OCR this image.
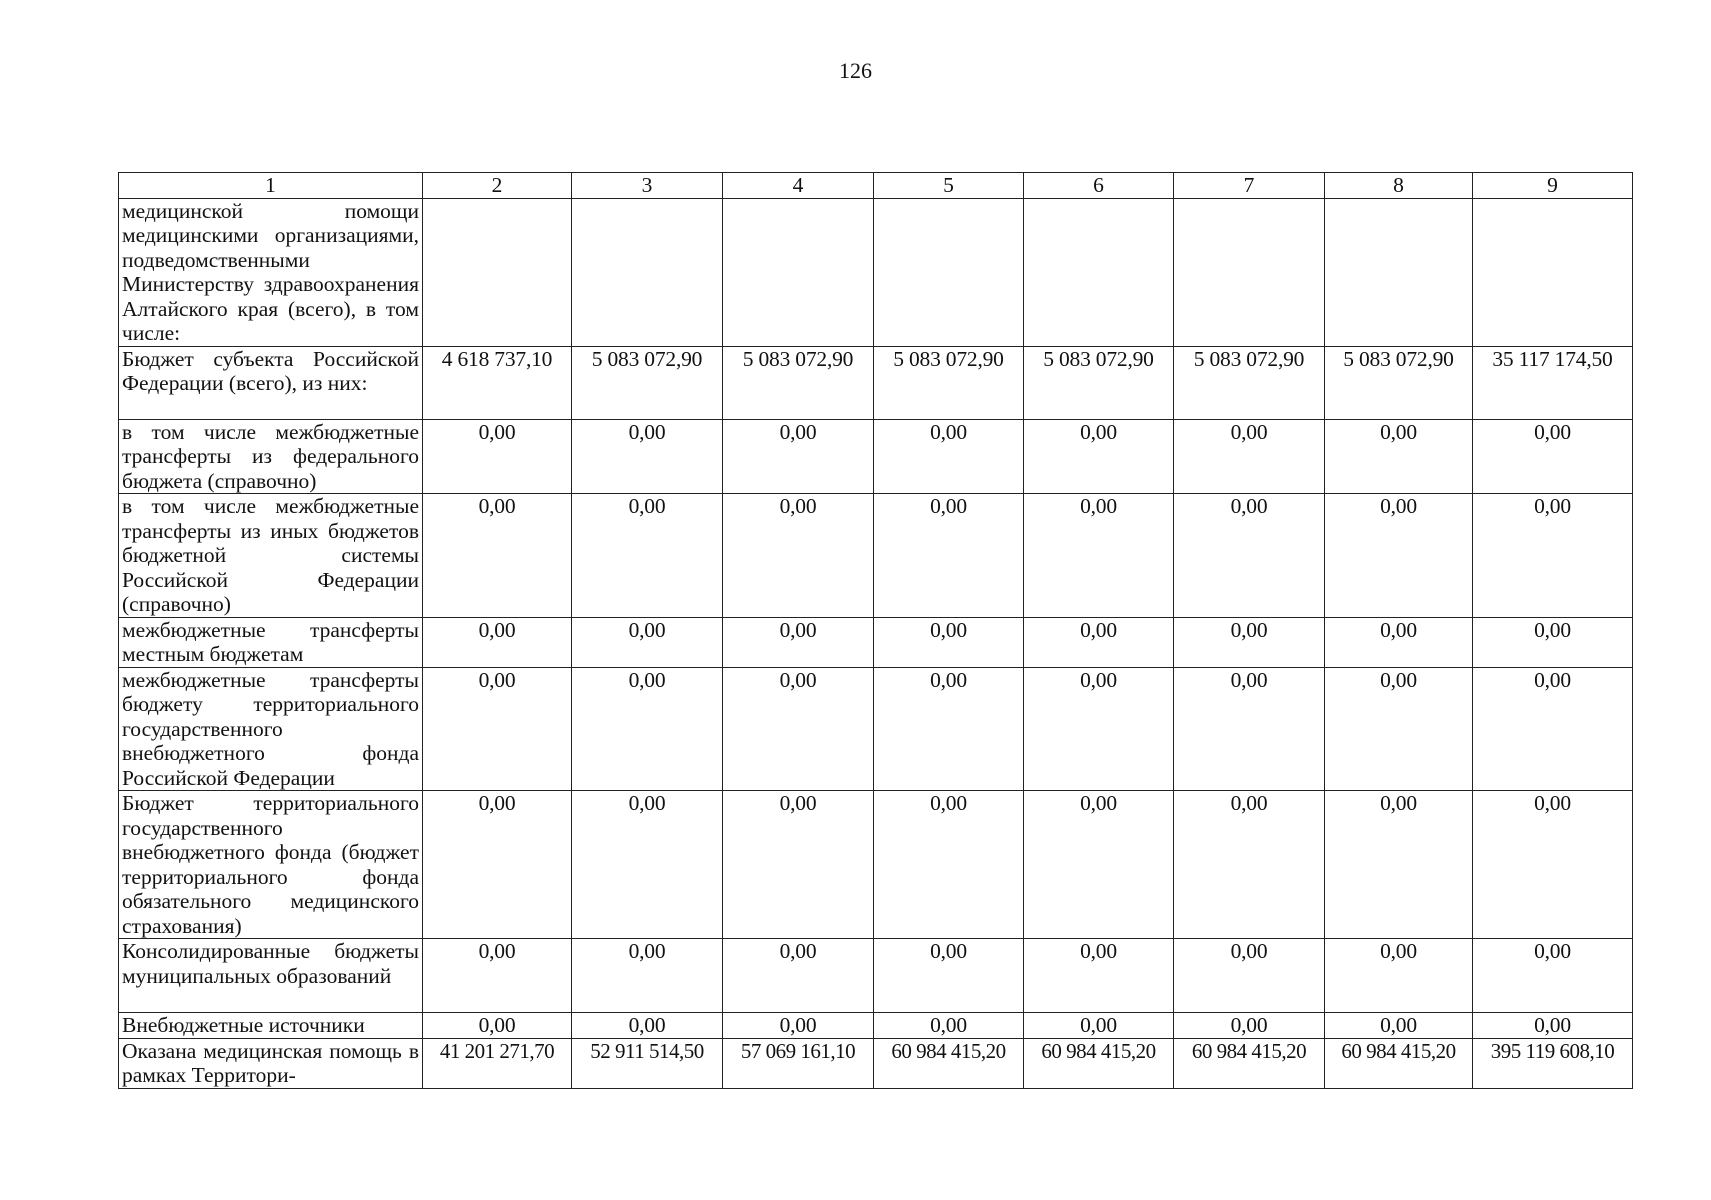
126
1	2	3	4	5	6	7	8	9
медицинской помощи медицинскими организациями, подведомственными Министерству здравоохранения Алтайского края (всего), в том числе:								
Бюджет субъекта Российской Федерации (всего), из них:	4 618 737,10	5 083 072,90	5 083 072,90	5 083 072,90	5 083 072,90	5 083 072,90	5 083 072,90	35 117 174,50
в том числе межбюджетные трансферты из федерального бюджета (справочно)	0,00	0,00	0,00	0,00	0,00	0,00	0,00	0,00
в том числе межбюджетные трансферты из иных бюджетов бюджетной системы Российской Федерации (справочно)	0,00	0,00	0,00	0,00	0,00	0,00	0,00	0,00
межбюджетные трансферты местным бюджетам	0,00	0,00	0,00	0,00	0,00	0,00	0,00	0,00
межбюджетные трансферты бюджету территориального государственного внебюджетного фонда Российской Федерации	0,00	0,00	0,00	0,00	0,00	0,00	0,00	0,00
Бюджет территориального государственного внебюджетного фонда (бюджет территориального фонда обязательного медицинского страхования)	0,00	0,00	0,00	0,00	0,00	0,00	0,00	0,00
Консолидированные бюджеты муниципальных образований	0,00	0,00	0,00	0,00	0,00	0,00	0,00	0,00
Внебюджетные источники	0,00	0,00	0,00	0,00	0,00	0,00	0,00	0,00
Оказана медицинская помощь в рамках Территори-	41 201 271,70	52 911 514,50	57 069 161,10	60 984 415,20	60 984 415,20	60 984 415,20	60 984 415,20	395 119 608,10
